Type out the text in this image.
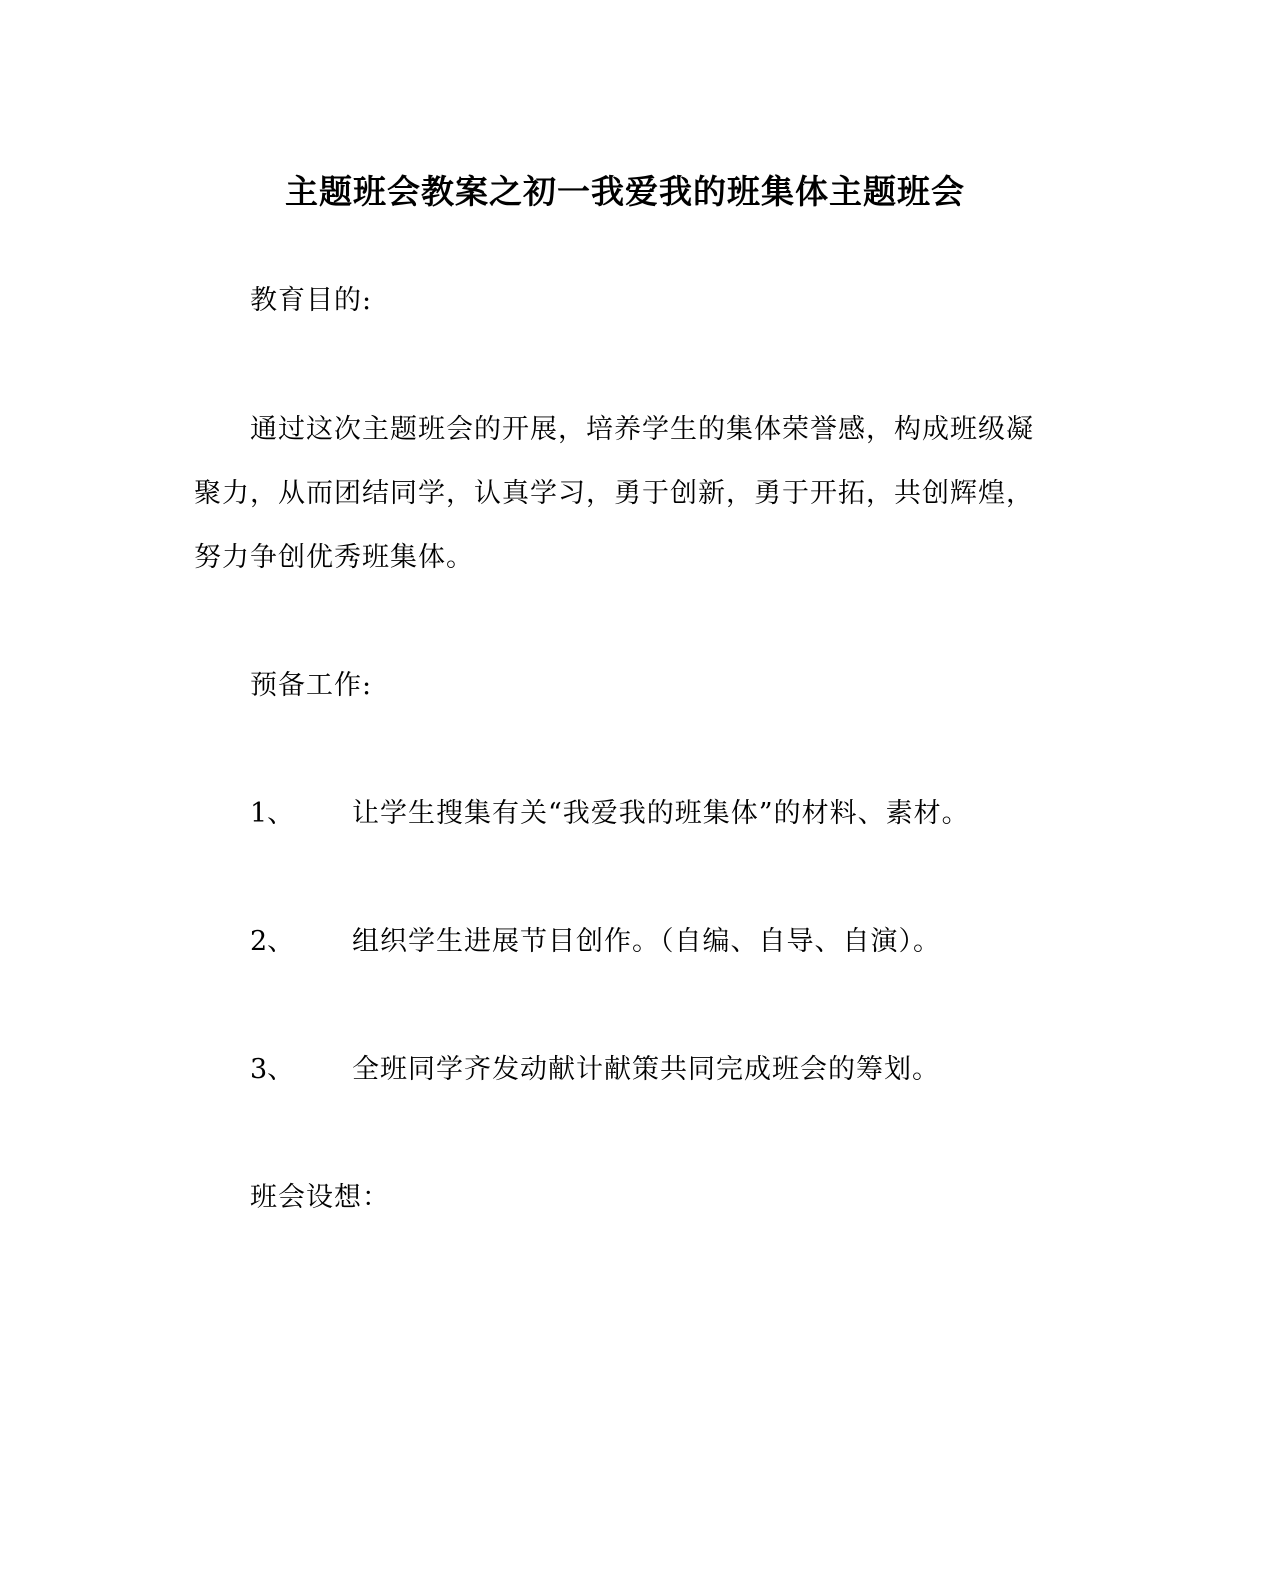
主题班会教案之初一我爱我的班集体主题班会
教育目的:
通过这次主题班会的开展，培养学生的集体荣誉感，构成班级凝
聚力，从而团结同学，认真学习，勇于创新，勇于开拓，共创辉煌，
努力争创优秀班集体。
预备工作:
1、 让学生搜集有关“我爱我的班集体”的材料、素材。
2、 组织学生进展节目创作。（自编、自导、自演）。
3、 全班同学齐发动献计献策共同完成班会的筹划。
班会设想：
